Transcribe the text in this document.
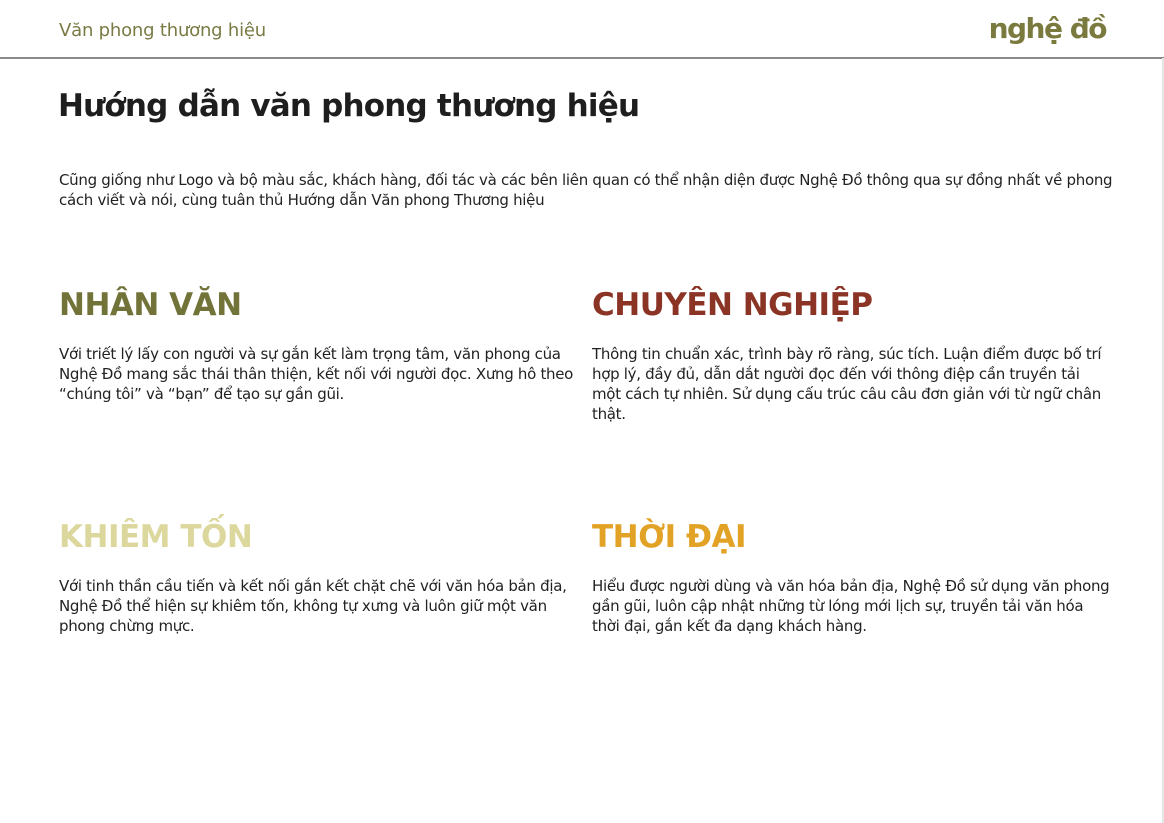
Văn phong thương hiệu	nghệ đồ
Hướng dẫn văn phong thương hiệu

Cũng giống như Logo và bộ màu sắc, khách hàng, đối tác và các bên liên quan có thể nhận diện được Nghệ Đồ thông qua sự đồng nhất về phong cách viết và nói, cùng tuân thủ Hướng dẫn Văn phong Thương hiệu

NHÂN VĂN

Với triết lý lấy con người và sự gắn kết làm trọng tâm, văn phong của Nghệ Đồ mang sắc thái thân thiện, kết nối với người đọc. Xưng hô theo “chúng tôi” và “bạn” để tạo sự gần gũi.

CHUYÊN NGHIỆP

Thông tin chuẩn xác, trình bày rõ ràng, súc tích. Luận điểm được bố trí hợp lý, đầy đủ, dẫn dắt người đọc đến với thông điệp cần truyền tải một cách tự nhiên. Sử dụng cấu trúc câu câu đơn giản với từ ngữ chân thật.

KHIÊM TỐN

Với tinh thần cầu tiến và kết nối gắn kết chặt chẽ với văn hóa bản địa, Nghệ Đồ thể hiện sự khiêm tốn, không tự xưng và luôn giữ một văn phong chừng mực.

THỜI ĐẠI

Hiểu được người dùng và văn hóa bản địa, Nghệ Đồ sử dụng văn phong gần gũi, luôn cập nhật những từ lóng mới lịch sự, truyền tải văn hóa thời đại, gắn kết đa dạng khách hàng.
